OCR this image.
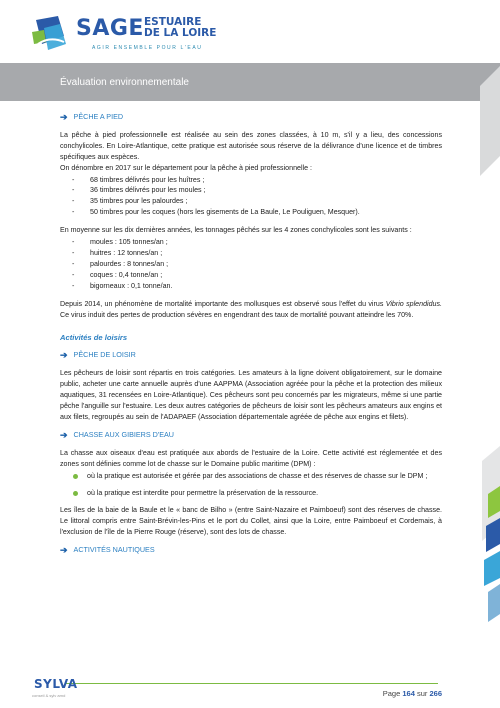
SAGE ESTUAIRE
DE LA LOIRE
AGIR ENSEMBLE POUR L'EAU
Évaluation environnementale
➔ PÊCHE A PIED

La pêche à pied professionnelle est réalisée au sein des zones classées, à 10 m, s'il y a lieu, des concessions conchylicoles. En Loire-Atlantique, cette pratique est autorisée sous réserve de la délivrance d'une licence et de timbres spécifiques aux espèces.

On dénombre en 2017 sur le département pour la pêche à pied professionnelle :

- 68 timbres délivrés pour les huîtres ;
- 36 timbres délivrés pour les moules ;
- 35 timbres pour les palourdes ;
- 50 timbres pour les coques (hors les gisements de La Baule, Le Pouliguen, Mesquer).

En moyenne sur les dix dernières années, les tonnages pêchés sur les 4 zones conchylicoles sont les suivants :

- moules : 105 tonnes/an ;
- huitres : 12 tonnes/an ;
- palourdes : 8 tonnes/an ;
- coques : 0,4 tonne/an ;
- bigorneaux : 0,1 tonne/an.

Depuis 2014, un phénomène de mortalité importante des mollusques est observé sous l'effet du virus Vibrio splendidus. Ce virus induit des pertes de production sévères en engendrant des taux de mortalité pouvant atteindre les 70%.

Activités de loisirs
➔ PÊCHE DE LOISIR

Les pêcheurs de loisir sont répartis en trois catégories. Les amateurs à la ligne doivent obligatoirement, sur le domaine public, acheter une carte annuelle auprès d'une AAPPMA (Association agréée pour la pêche et la protection des milieux aquatiques, 31 recensées en Loire-Atlantique). Ces pêcheurs sont peu concernés par les migrateurs, même si une partie pêche l'anguille sur l'estuaire. Les deux autres catégories de pêcheurs de loisir sont les pêcheurs amateurs aux engins et aux filets, regroupés au sein de l'ADAPAEF (Association départementale agréée de pêche aux engins et filets).

➔ CHASSE AUX GIBIERS D'EAU

La chasse aux oiseaux d'eau est pratiquée aux abords de l'estuaire de la Loire. Cette activité est réglementée et des zones sont définies comme lot de chasse sur le Domaine public maritime (DPM) :

où la pratique est autorisée et gérée par des associations de chasse et des réserves de chasse sur le DPM ;
où la pratique est interdite pour permettre la préservation de la ressource.

Les îles de la baie de la Baule et le « banc de Bilho » (entre Saint-Nazaire et Paimboeuf) sont des réserves de chasse. Le littoral compris entre Saint-Brévin-les-Pins et le port du Collet, ainsi que la Loire, entre Paimboeuf et Cordemais, à l'exclusion de l'île de la Pierre Rouge (réserve), sont des lots de chasse.

➔ ACTIVITÉS NAUTIQUES
SYLVA
conseil & sylv arnd	Page 164 sur 266
